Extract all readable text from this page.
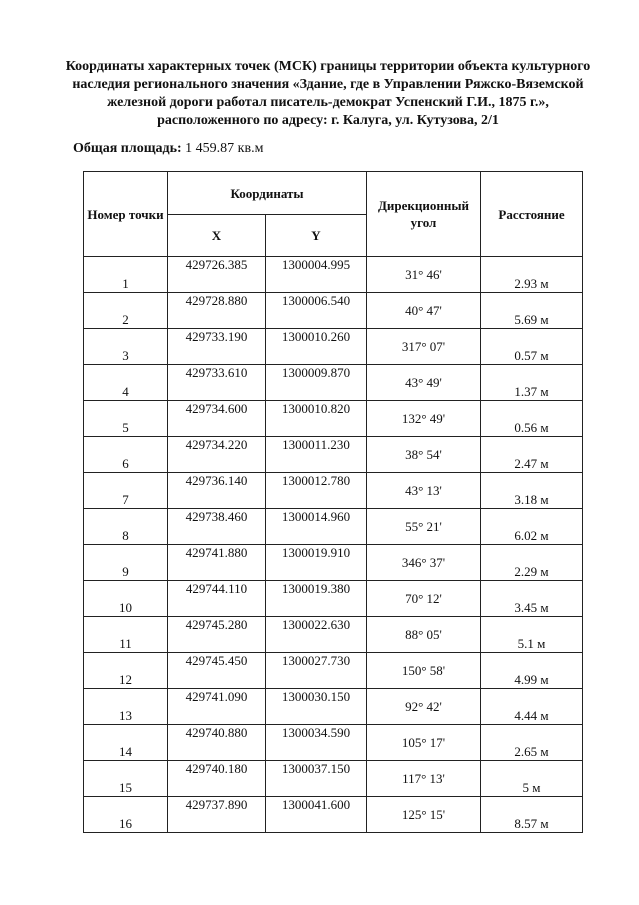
Координаты характерных точек (МСК) границы территории объекта культурного наследия регионального значения «Здание, где в Управлении Ряжско-Вяземской железной дороги работал писатель-демократ Успенский Г.И., 1875 г.», расположенного по адресу: г. Калуга, ул. Кутузова, 2/1
Общая площадь: 1 459.87 кв.м
Номер точки	Координаты		Дирекционный угол	Расстояние
	X	Y		
1	429726.385	1300004.995	31° 46'	2.93 м
2	429728.880	1300006.540	40° 47'	5.69 м
3	429733.190	1300010.260	317° 07'	0.57 м
4	429733.610	1300009.870	43° 49'	1.37 м
5	429734.600	1300010.820	132° 49'	0.56 м
6	429734.220	1300011.230	38° 54'	2.47 м
7	429736.140	1300012.780	43° 13'	3.18 м
8	429738.460	1300014.960	55° 21'	6.02 м
9	429741.880	1300019.910	346° 37'	2.29 м
10	429744.110	1300019.380	70° 12'	3.45 м
11	429745.280	1300022.630	88° 05'	5.1 м
12	429745.450	1300027.730	150° 58'	4.99 м
13	429741.090	1300030.150	92° 42'	4.44 м
14	429740.880	1300034.590	105° 17'	2.65 м
15	429740.180	1300037.150	117° 13'	5 м
16	429737.890	1300041.600	125° 15'	8.57 м
